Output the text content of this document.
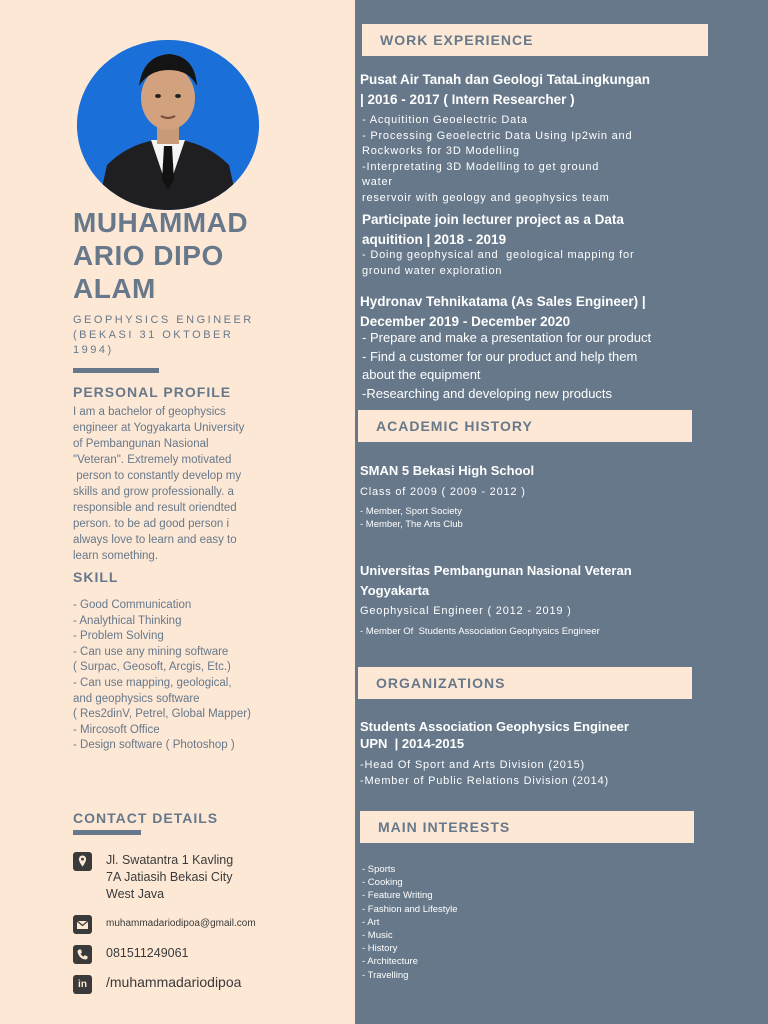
MUHAMMAD
ARIO DIPO
ALAM
GEOPHYSICS ENGINEER
(BEKASI 31 OKTOBER
1994)
PERSONAL PROFILE
I am a bachelor of geophysics
engineer at Yogyakarta University
of Pembangunan Nasional
"Veteran". Extremely motivated
person to constantly develop my
skills and grow professionally. a
responsible and result oriendted
person. to be ad good person i
always love to learn and easy to
learn something.
SKILL
- Good Communication
- Analythical Thinking
- Problem Solving
- Can use any mining software
( Surpac, Geosoft, Arcgis, Etc.)
- Can use mapping, geological,
and geophysics software
( Res2dinV, Petrel, Global Mapper)
- Mircosoft Office
- Design software ( Photoshop )
CONTACT DETAILS
Jl. Swatantra 1 Kavling
7A Jatiasih Bekasi City
West Java
muhammadariodipoa@gmail.com
081511249061
in	/muhammadariodipoa
WORK EXPERIENCE
Pusat Air Tanah dan Geologi TataLingkungan
| 2016 - 2017 ( Intern Researcher )
- Acquitition Geoelectric Data
- Processing Geoelectric Data Using Ip2win and
Rockworks for 3D Modelling
-Interpretating 3D Modelling to get ground
water
reservoir with geology and geophysics team
Participate join lecturer project as a Data
aquitition | 2018 - 2019
- Doing geophysical and  geological mapping for
ground water exploration
Hydronav Tehnikatama (As Sales Engineer) |
December 2019 - December 2020
- Prepare and make a presentation for our product
- Find a customer for our product and help them
about the equipment
-Researching and developing new products
ACADEMIC HISTORY
SMAN 5 Bekasi High School
Class of 2009 ( 2009 - 2012 )
- Member, Sport Society
- Member, The Arts Club
Universitas Pembangunan Nasional Veteran
Yogyakarta
Geophysical Engineer ( 2012 - 2019 )
- Member Of  Students Association Geophysics Engineer
ORGANIZATIONS
Students Association Geophysics Engineer
UPN  | 2014-2015
-Head Of Sport and Arts Division (2015)
-Member of Public Relations Division (2014)
MAIN INTERESTS
- Sports
- Cooking
- Feature Writing
- Fashion and Lifestyle
- Art
- Music
- History
- Architecture
- Travelling
